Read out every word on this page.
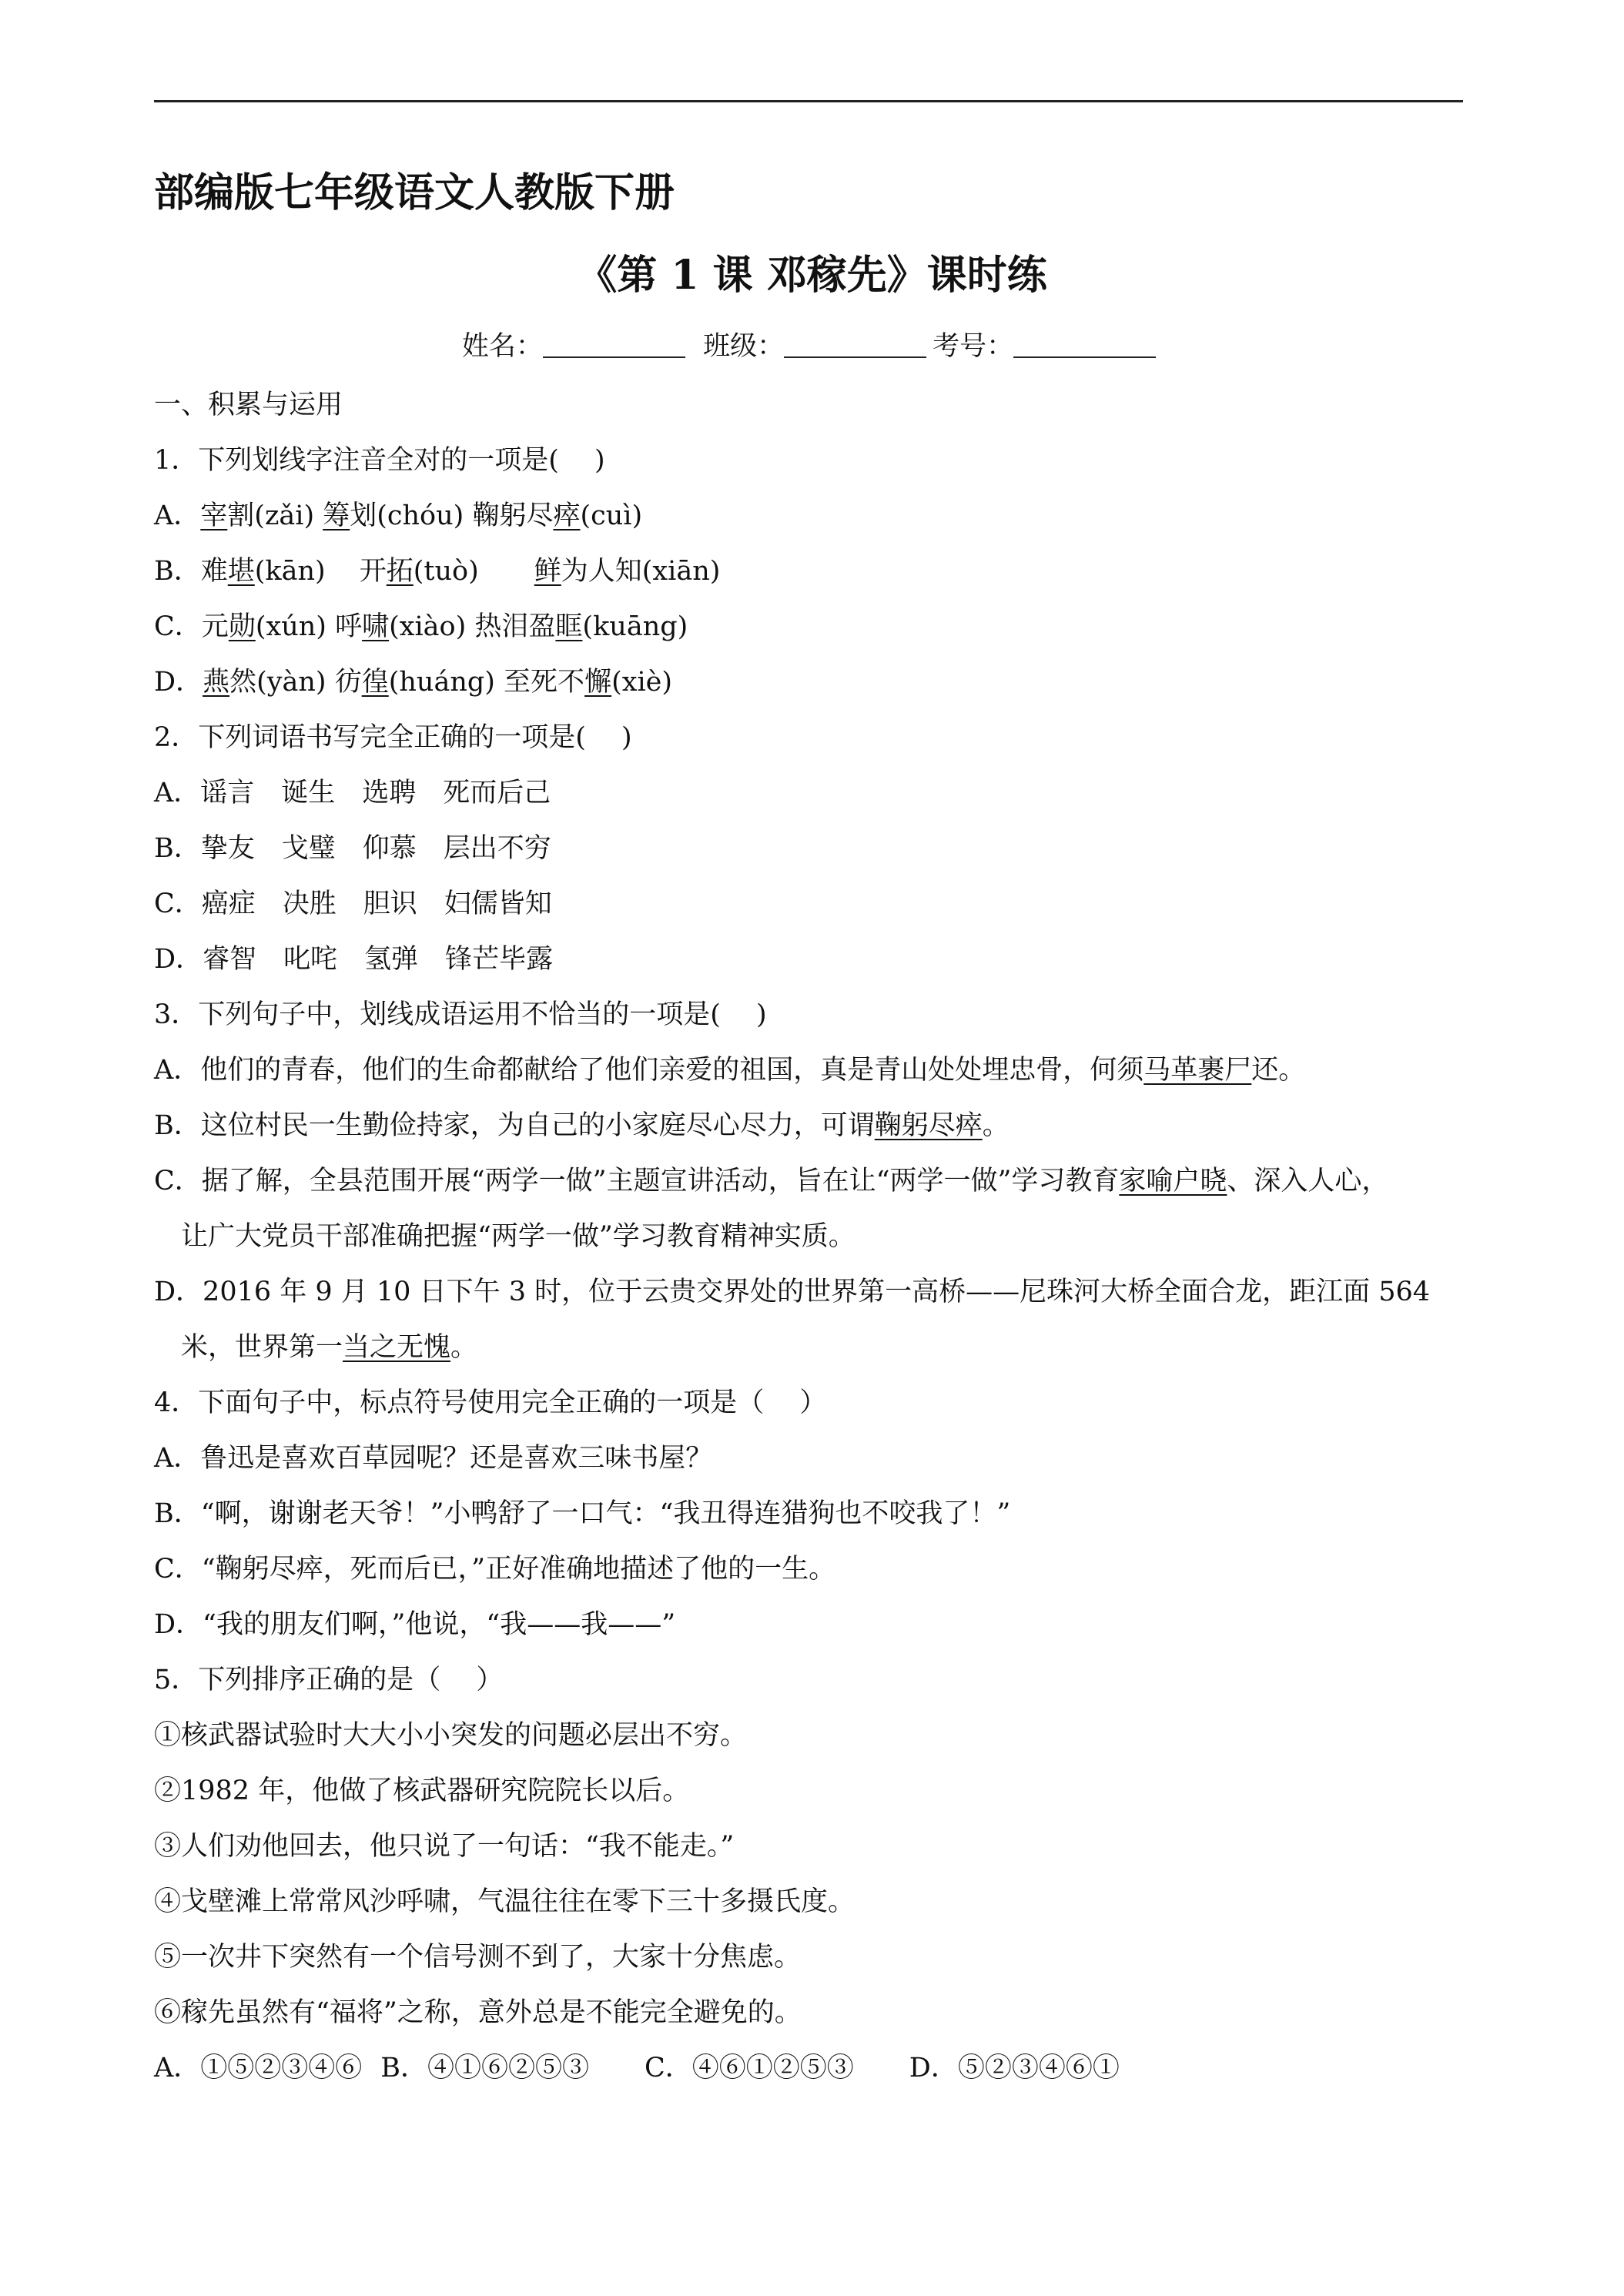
部编版七年级语文人教版下册
《第 1 课 邓稼先》课时练
姓名：	班级：	考号：
一、积累与运用
1．下列划线字注音全对的一项是(　 )
A．宰割(zǎi) 筹划(chóu) 鞠躬尽瘁(cuì)
B．难堪(kān) 开拓(tuò) 鲜为人知(xiān)
C．元勋(xún) 呼啸(xiào) 热泪盈眶(kuāng)
D．燕然(yàn) 彷徨(huáng) 至死不懈(xiè)
2．下列词语书写完全正确的一项是(　 )
A．谣言　诞生　选聘　死而后己
B．挚友　戈璧　仰慕　层出不穷
C．癌症　决胜　胆识　妇儒皆知
D．睿智　叱咤　氢弹　锋芒毕露
3．下列句子中，划线成语运用不恰当的一项是(　 )
A．他们的青春，他们的生命都献给了他们亲爱的祖国，真是青山处处埋忠骨，何须马革裹尸还。
B．这位村民一生勤俭持家，为自己的小家庭尽心尽力，可谓鞠躬尽瘁。
C．据了解，全县范围开展“两学一做”主题宣讲活动，旨在让“两学一做”学习教育家喻户晓、深入人心，
让广大党员干部准确把握“两学一做”学习教育精神实质。
D．2016 年 9 月 10 日下午 3 时，位于云贵交界处的世界第一高桥——尼珠河大桥全面合龙，距江面 564
米，世界第一当之无愧。
4．下面句子中，标点符号使用完全正确的一项是（　 ）
A．鲁迅是喜欢百草园呢？还是喜欢三味书屋？
B．“啊，谢谢老天爷！”小鸭舒了一口气：“我丑得连猎狗也不咬我了！”
C．“鞠躬尽瘁，死而后已，”正好准确地描述了他的一生。
D．“我的朋友们啊，”他说，“我——我——”
5．下列排序正确的是（　 ）
①核武器试验时大大小小突发的问题必层出不穷。
②1982 年，他做了核武器研究院院长以后。
③人们劝他回去，他只说了一句话：“我不能走。”
④戈壁滩上常常风沙呼啸，气温往往在零下三十多摄氏度。
⑤一次井下突然有一个信号测不到了，大家十分焦虑。
⑥稼先虽然有“福将”之称，意外总是不能完全避免的。
A．①⑤②③④⑥ B．④①⑥②⑤③ C．④⑥①②⑤③ D．⑤②③④⑥①
